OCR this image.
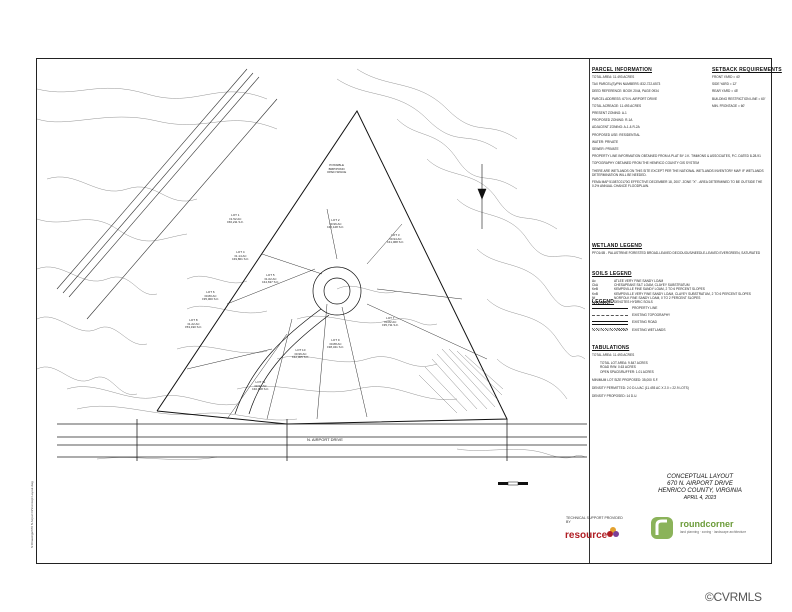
POSSIBLE
BMP/POND
OPEN SPACE
LOT 1
±1.52 AC
±66,211 S.F.
LOT 2
±0.96 AC
±42,128 S.F.
LOT 3
±0.94 AC
±41,068 S.F.
LOT 4
±1.14 AC
±49,801 S.F.
LOT 5
±1.02 AC
±44,637 S.F.
LOT 6
±0.80 AC
±35,000 S.F.
LOT 7
±0.82 AC
±35,711 S.F.
LOT 8
±1.22 AC
±53,190 S.F.
LOT 9
±0.88 AC
±38,341 S.F.
LOT 10
±0.96 AC
±42,005 S.F.
LOT 11
±0.94 AC
±40,908 S.F.
N. AIRPORT DRIVE
PARCEL INFORMATION
TOTAL AREA: 11.493 ACRES
TAX PARCEL(S)/PIN NUMBERS: 832-722-6573
DEED REFERENCE: BOOK 2044, PAGE 0934
PARCEL ADDRESS: 670 N. AIRPORT DRIVE
TOTAL ACREAGE: 11.493 ACRES
PRESENT ZONING: A-1
PROPOSED ZONING: R-1A
ADJACENT ZONING: A-1 & R-2A
PROPOSED USE: RESIDENTIAL
WATER: PRIVATE
SEWER: PRIVATE
PROPERTY LINE INFORMATION OBTAINED FROM A PLAT BY J.K. TIMMONS & ASSOCIATES, P.C. DATED 8-28-91
TOPOGRAPHY OBTAINED FROM THE HENRICO COUNTY GIS SYSTEM
THERE ARE WETLANDS ON THIS SITE EXCEPT PER THE NATIONAL WETLANDS INVENTORY MAP. IF WETLANDS DETERMINATION WILL BE NEEDED.
FEMA MAP 51087C0170G EFFECTIVE DECEMBER 18, 2007. ZONE "X" - AREA DETERMINED TO BE OUTSIDE THE 0.2% ANNUAL CHANCE FLOODPLAIN.
SETBACK REQUIREMENTS
FRONT YARD = 40'
SIDE YARD = 12'
REAR YARD = 45'
BUILDING RESTRICTION LINE = 60'
MIN. FRONTAGE = 60'
WETLAND LEGEND
PFO1/4B - PALUSTRINE FORESTED BROAD-LEAVED DECIDUOUS/NEEDLE-LEAVED EVERGREEN, SATURATED
SOILS LEGEND
Ac	ATLEE VERY FINE SANDY LOAM
CkA	CHESAPEAKE SILT LOAM, CLAYEY SUBSTRATUM
KeB	KEMPSVILLE FINE SANDY LOAM, 2 TO 6 PERCENT SLOPES
KnB	KEMPSVILLE VERY FINE SANDY LOAM, CLAYEY SUBSTRATUM, 2 TO 6 PERCENT SLOPES
Nf	NORFOLK FINE SANDY LOAM, 0 TO 2 PERCENT SLOPES
DENOTES HYDRIC SOILS
LEGEND
PROPERTY LINE
EXISTING TOPOGRAPHY
EXISTING ROAD
EXISTING WETLANDS
TABULATIONS
TOTAL AREA: 11.493 ACRES
TOTAL LOT AREA: 9.847 ACRES
ROAD R/W: 0.63 ACRES
OPEN SPACE/BUFFER: 1.01 ACRES
MINIMUM LOT SIZE PROPOSED: 35,000 S.F.
DENSITY PERMITTED: 2.0 D.U./AC (11.493 AC X 2.0 = 22.9 LOTS)
DENSITY PROPOSED: 14 D.U.
CONCEPTUAL LAYOUT
670 N. AIRPORT DRIVE
HENRICO COUNTY, VIRGINIA
APRIL 4, 2023
TECHNICAL SUPPORT PROVIDED BY
resource
roundcorner
land planning · zoning · landscape architecture
S:\Drawings\670 N Airport Dr\Concept Layout.dwg
©CVRMLS
